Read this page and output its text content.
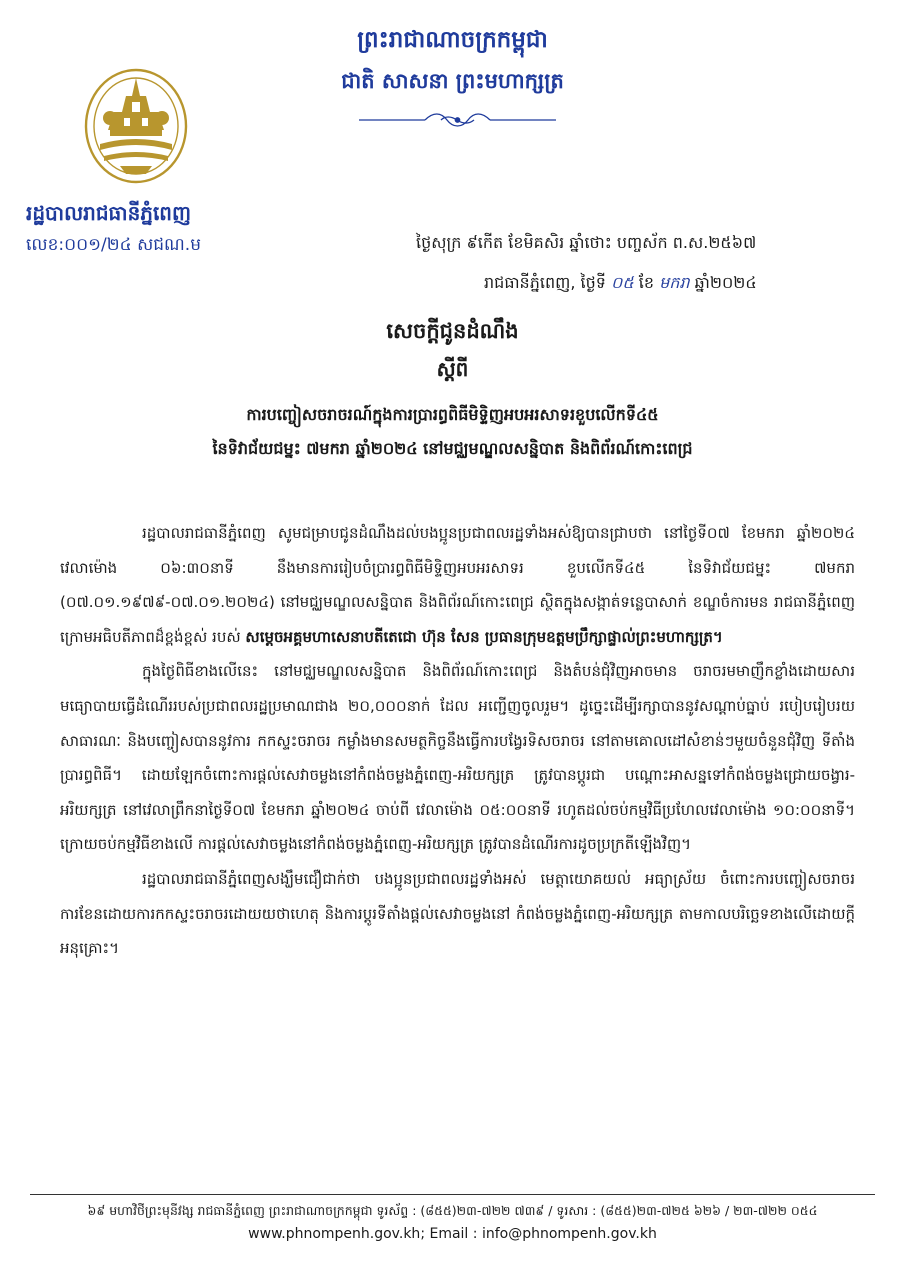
ព្រះរាជាណាចក្រកម្ពុជា
ជាតិ សាសនា ព្រះមហាក្សត្រ
រដ្ឋបាលរាជធានីភ្នំពេញ
លេខ:០០១/២៤ សជណ.ម	ថ្ងៃសុក្រ ៩កើត ខែមិគសិរ ឆ្នាំថោះ បញ្ចស័ក ព.ស.២៥៦៧
រាជធានីភ្នំពេញ, ថ្ងៃទី ០៥ ខែ មករា ឆ្នាំ២០២៤
សេចក្តីជូនដំណឹង
ស្តីពី
ការបញ្ចៀសចរាចរណ៍ក្នុងការប្រារព្ធពិធីមិទ្ទិញអបអរសាទរខួបលើកទី៤៥
នៃទិវាជ័យជម្នះ ៧មករា ឆ្នាំ២០២៤ នៅមជ្ឈមណ្ឌលសន្និបាត និងពិព័រណ៍កោះពេជ្រ

រដ្ឋបាលរាជធានីភ្នំពេញ សូមជម្រាបជូនដំណឹងដល់បងប្អូនប្រជាពលរដ្ឋទាំងអស់ឱ្យបានជ្រាបថា នៅថ្ងៃទី០៧ ខែមករា ឆ្នាំ២០២៤ វេលាម៉ោង ០៦:៣០នាទី នឹងមានការរៀបចំប្រារព្ធពិធីមិទ្ទិញអបអរសាទរ ខួបលើកទី៤៥ នៃទិវាជ័យជម្នះ ៧មករា (០៧.០១.១៩៧៩-០៧.០១.២០២៤) នៅមជ្ឈមណ្ឌលសន្និបាត និងពិព័រណ៍កោះពេជ្រ ស្ថិតក្នុងសង្កាត់ទន្លេបាសាក់ ខណ្ឌចំការមន រាជធានីភ្នំពេញ ក្រោមអធិបតីភាពដ៏ខ្ពង់ខ្ពស់ របស់ សម្តេចអគ្គមហាសេនាបតីតេជោ ហ៊ុន សែន ប្រធានក្រុមឧត្តមប្រឹក្សាផ្ទាល់ព្រះមហាក្សត្រ។

ក្នុងថ្ងៃពិធីខាងលើនេះ នៅមជ្ឈមណ្ឌលសន្និបាត និងពិព័រណ៍កោះពេជ្រ និងតំបន់ជុំវិញអាចមាន ចរាចរមមាញឹកខ្លាំងដោយសារមធ្យោបាយធ្វើដំណើររបស់ប្រជាពលរដ្ឋប្រមាណជាង ២០,០០០នាក់ ដែល អញ្ជើញចូលរួម។ ដូច្នេះដើម្បីរក្សាបាននូវសណ្តាប់ធ្នាប់ របៀបរៀបរយសាធារណៈ និងបញ្ចៀសបាននូវការ កកស្ទះចរាចរ កម្លាំងមានសមត្ថកិច្ចនឹងធ្វើការបង្វែរទិសចរាចរ នៅតាមគោលដៅសំខាន់ៗមួយចំនួនជុំវិញ ទីតាំងប្រារព្ធពិធី។ ដោយឡែកចំពោះការផ្តល់សេវាចម្លងនៅកំពង់ចម្លងភ្នំពេញ-អរិយក្សត្រ ត្រូវបានប្តូរជា បណ្តោះអាសន្នទៅកំពង់ចម្លងជ្រោយចង្វារ-អរិយក្សត្រ នៅវេលាព្រឹកនាថ្ងៃទី០៧ ខែមករា ឆ្នាំ២០២៤ ចាប់ពី វេលាម៉ោង ០៥:០០នាទី រហូតដល់ចប់កម្មវិធីប្រហែលវេលាម៉ោង ១០:០០នាទី។ ក្រោយចប់កម្មវិធីខាងលើ ការផ្តល់សេវាចម្លងនៅកំពង់ចម្លងភ្នំពេញ-អរិយក្សត្រ ត្រូវបានដំណើរការដូចប្រក្រតីឡើងវិញ។

រដ្ឋបាលរាជធានីភ្នំពេញសង្ឃឹមជឿជាក់ថា បងប្អូនប្រជាពលរដ្ឋទាំងអស់ មេត្តាយោគយល់ អធ្យាស្រ័យ ចំពោះការបញ្ចៀសចរាចរ ការខែនដោយការកកស្ទះចរាចរដោយយថាហេតុ និងការប្តូរទីតាំងផ្តល់សេវាចម្លងនៅ កំពង់ចម្លងភ្នំពេញ-អរិយក្សត្រ តាមកាលបរិច្ឆេទខាងលើដោយក្តីអនុគ្រោះ។

៦៩ មហាវិថីព្រះមុនីវង្ស រាជធានីភ្នំពេញ ព្រះរាជាណាចក្រកម្ពុជា ទូរស័ព្ទ : (៨៥៥)២៣-៧២២ ៧៣៩ / ទូរសារ : (៨៥៥)២៣-៧២៥ ៦២៦ / ២៣-៧២២ ០៥៤
www.phnompenh.gov.kh; Email : info@phnompenh.gov.kh
